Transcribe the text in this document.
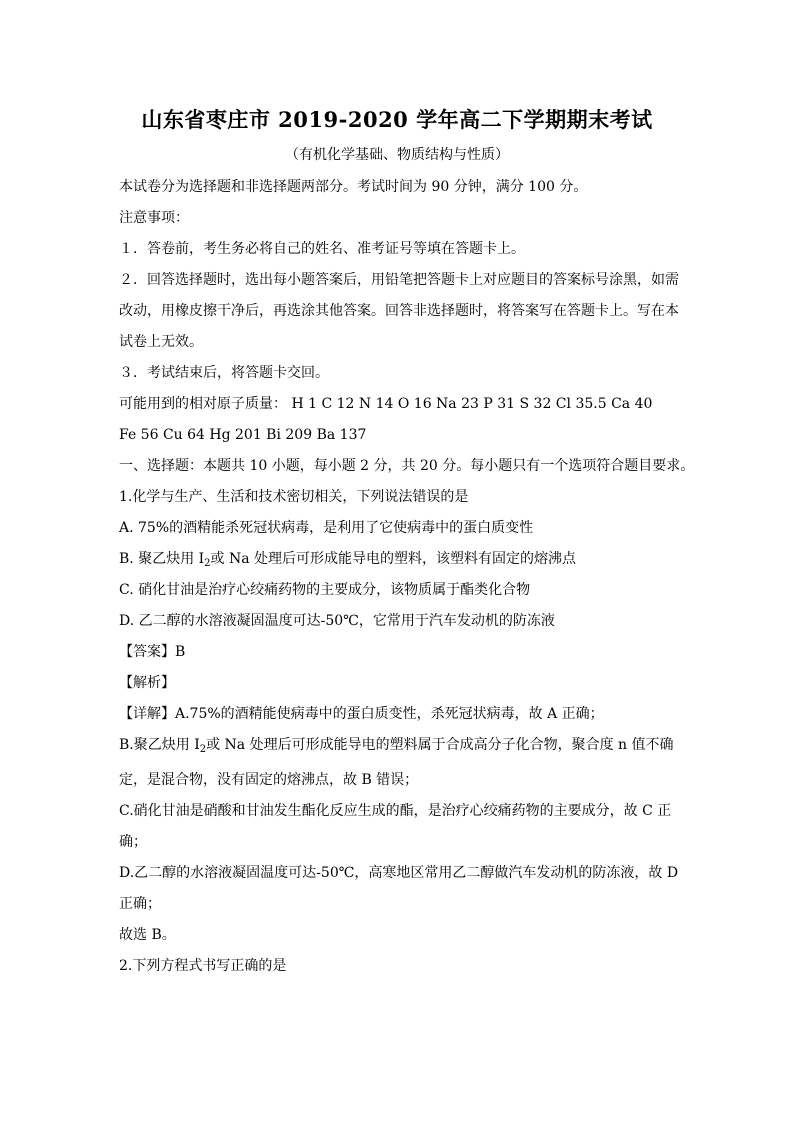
山东省枣庄市 2019-2020 学年高二下学期期末考试
（有机化学基础、物质结构与性质）
本试卷分为选择题和非选择题两部分。考试时间为 90 分钟，满分 100 分。
注意事项：
１．答卷前，考生务必将自己的姓名、准考证号等填在答题卡上。
２．回答选择题时，选出每小题答案后，用铅笔把答题卡上对应题目的答案标号涂黑，如需改动，用橡皮擦干净后，再选涂其他答案。回答非选择题时，将答案写在答题卡上。写在本试卷上无效。
３．考试结束后，将答题卡交回。
可能用到的相对原子质量： H 1 C 12 N 14 O 16 Na 23 P 31 S 32 Cl 35.5 Ca 40
Fe 56 Cu 64 Hg 201 Bi 209 Ba 137
一、选择题：本题共 10 小题，每小题 2 分，共 20 分。每小题只有一个选项符合题目要求。
1.化学与生产、生活和技术密切相关，下列说法错误的是
A. 75%的酒精能杀死冠状病毒，是利用了它使病毒中的蛋白质变性
B. 聚乙炔用 $I_2$或 Na 处理后可形成能导电的塑料，该塑料有固定的熔沸点
C. 硝化甘油是治疗心绞痛药物的主要成分，该物质属于酯类化合物
D. 乙二醇的水溶液凝固温度可达-50℃，它常用于汽车发动机的防冻液
【答案】B
【解析】
【详解】A.75%的酒精能使病毒中的蛋白质变性，杀死冠状病毒，故 A 正确；
B.聚乙炔用 $I_2$或 Na 处理后可形成能导电的塑料属于合成高分子化合物，聚合度 n 值不确定，是混合物，没有固定的熔沸点，故 B 错误；
C.硝化甘油是硝酸和甘油发生酯化反应生成的酯，是治疗心绞痛药物的主要成分，故 C 正确；
D.乙二醇的水溶液凝固温度可达-50℃，高寒地区常用乙二醇做汽车发动机的防冻液，故 D 正确；
故选 B。
2.下列方程式书写正确的是
